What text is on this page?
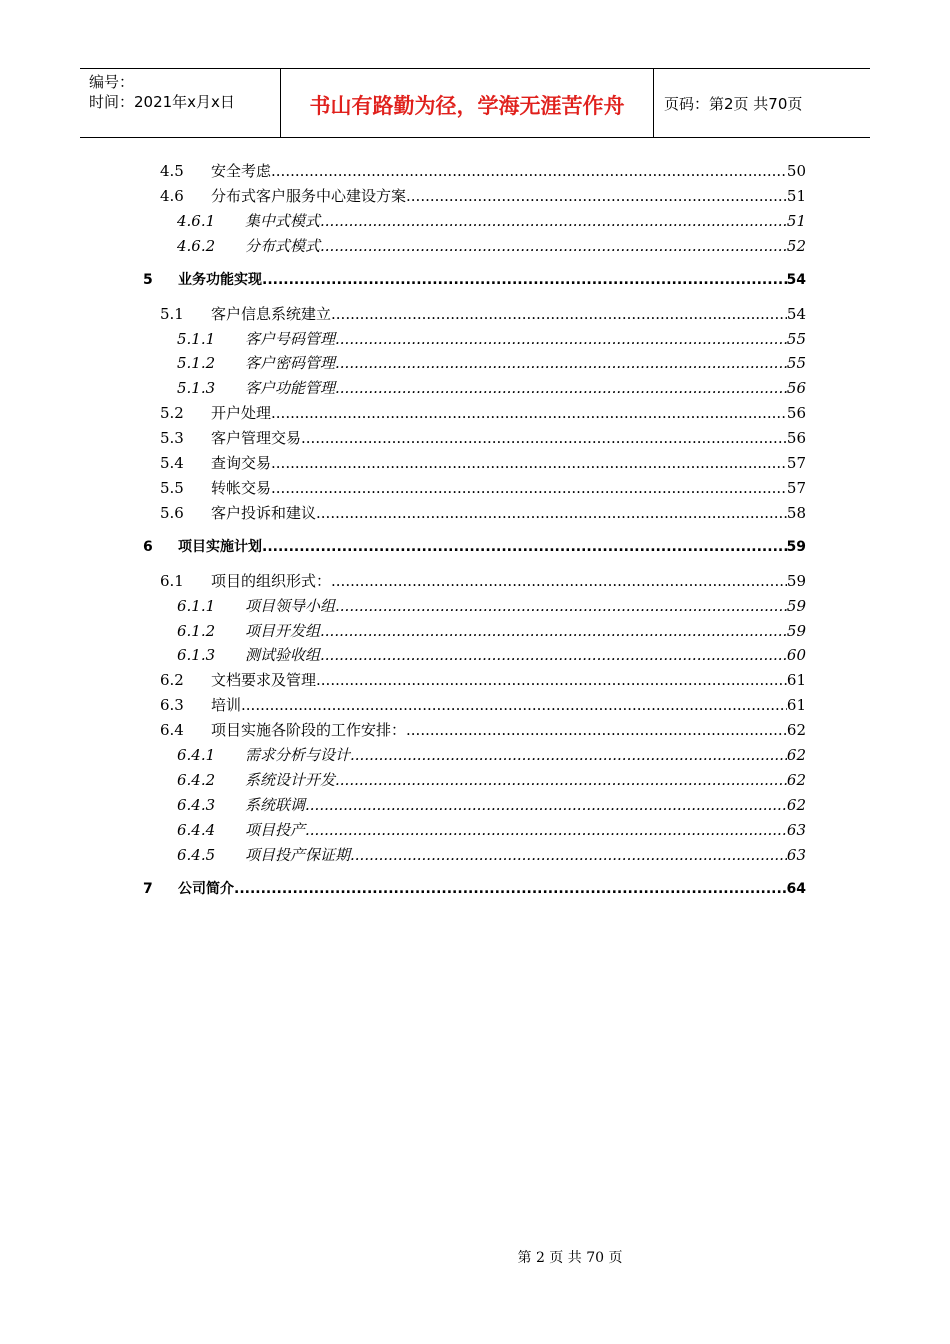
编号：
时间：2021年x月x日	书山有路勤为径，学海无涯苦作舟	页码：第2页 共70页
4.5 安全考虑 .....	50
4.6 分布式客户服务中心建设方案 .....	51
4.6.1 集中式模式 .....	51
4.6.2 分布式模式 .....	52
5 业务功能实现 .....	54
5.1 客户信息系统建立 .....	54
5.1.1 客户号码管理 .....	55
5.1.2 客户密码管理 .....	55
5.1.3 客户功能管理 .....	56
5.2 开户处理 .....	56
5.3 客户管理交易 .....	56
5.4 查询交易 .....	57
5.5 转帐交易 .....	57
5.6 客户投诉和建议 .....	58
6 项目实施计划 .....	59
6.1 项目的组织形式： .....	59
6.1.1 项目领导小组 .....	59
6.1.2 项目开发组 .....	59
6.1.3 测试验收组 .....	60
6.2 文档要求及管理 .....	61
6.3 培训 .....	61
6.4 项目实施各阶段的工作安排： .....	62
6.4.1 需求分析与设计 .....	62
6.4.2 系统设计开发 .....	62
6.4.3 系统联调 .....	62
6.4.4 项目投产 .....	63
6.4.5 项目投产保证期 .....	63
7 公司简介 .....	64
第 2 页 共 70 页
